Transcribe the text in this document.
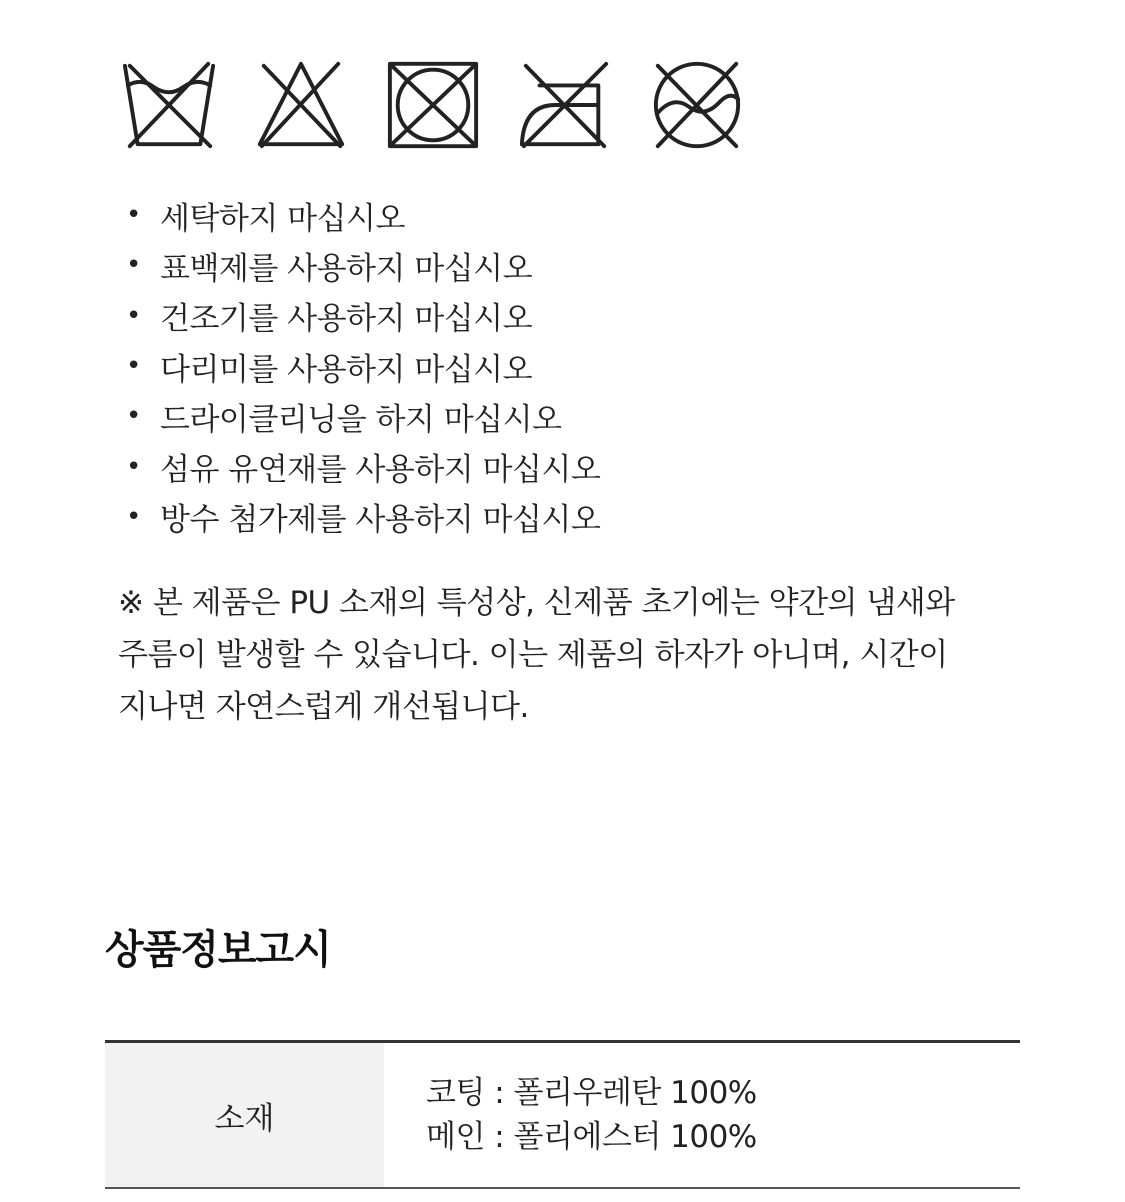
• 세탁하지 마십시오
• 표백제를 사용하지 마십시오
• 건조기를 사용하지 마십시오
• 다리미를 사용하지 마십시오
• 드라이클리닝을 하지 마십시오
• 섬유 유연재를 사용하지 마십시오
• 방수 첨가제를 사용하지 마십시오

※ 본 제품은 PU 소재의 특성상, 신제품 초기에는 약간의 냄새와

주름이 발생할 수 있습니다. 이는 제품의 하자가 아니며, 시간이

지나면 자연스럽게 개선됩니다.

상품정보고시
소재
코팅 : 폴리우레탄 100%
메인 : 폴리에스터 100%
